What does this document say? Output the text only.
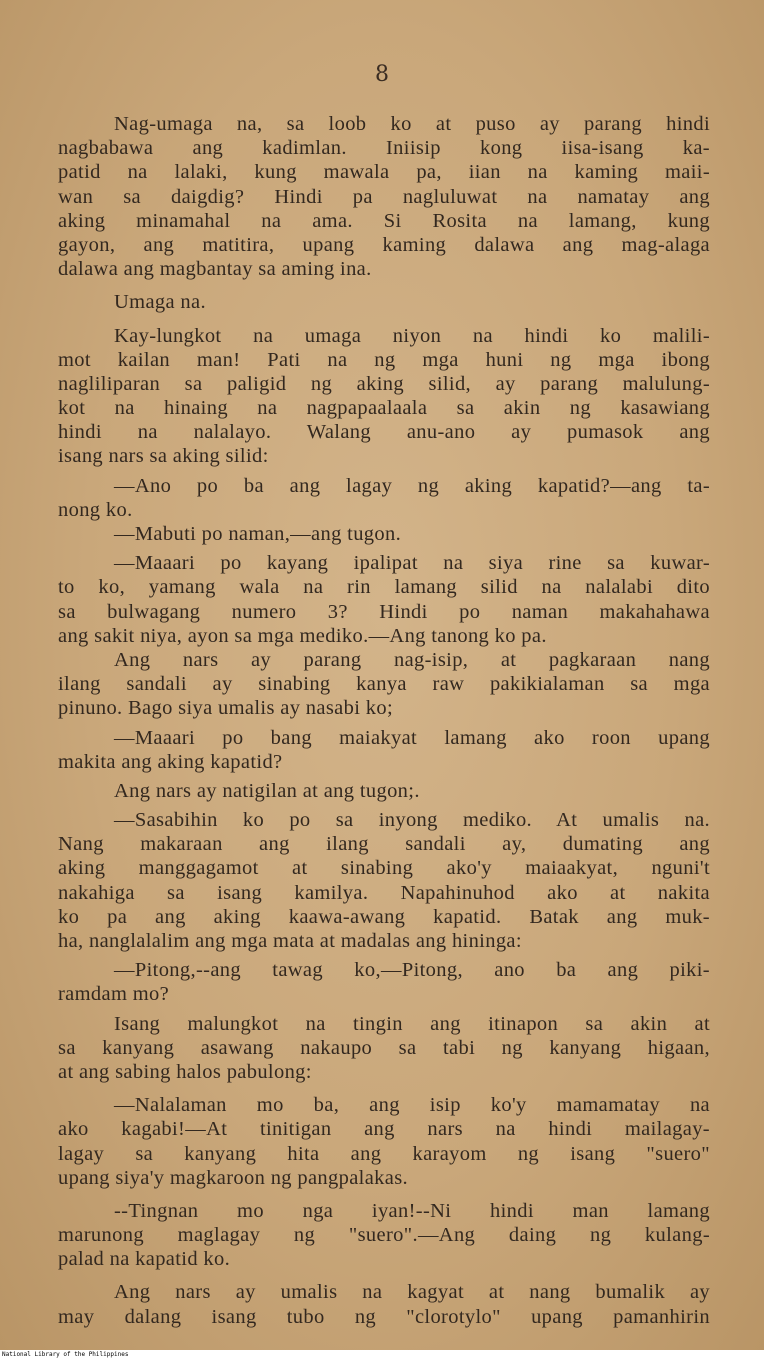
8
Nag-umaga na, sa loob ko at puso ay parang hindi
nagbabawa ang kadimlan. Iniisip kong iisa-isang ka-
patid na lalaki, kung mawala pa, iian na kaming maii-
wan sa daigdig? Hindi pa nagluluwat na namatay ang
aking minamahal na ama. Si Rosita na lamang, kung
gayon, ang matitira, upang kaming dalawa ang mag-alaga
dalawa ang magbantay sa aming ina.
Umaga na.
Kay-lungkot na umaga niyon na hindi ko malili-
mot kailan man! Pati na ng mga huni ng mga ibong
nagliliparan sa paligid ng aking silid, ay parang malulung-
kot na hinaing na nagpapaalaala sa akin ng kasawiang
hindi na nalalayo. Walang anu-ano ay pumasok ang
isang nars sa aking silid:
—Ano po ba ang lagay ng aking kapatid?—ang ta-
nong ko.
—Mabuti po naman,—ang tugon.
—Maaari po kayang ipalipat na siya rine sa kuwar-
to ko, yamang wala na rin lamang silid na nalalabi dito
sa bulwagang numero 3? Hindi po naman makahahawa
ang sakit niya, ayon sa mga mediko.—Ang tanong ko pa.
Ang nars ay parang nag-isip, at pagkaraan nang
ilang sandali ay sinabing kanya raw pakikialaman sa mga
pinuno. Bago siya umalis ay nasabi ko;
—Maaari po bang maiakyat lamang ako roon upang
makita ang aking kapatid?
Ang nars ay natigilan at ang tugon;.
—Sasabihin ko po sa inyong mediko. At umalis na.
Nang makaraan ang ilang sandali ay, dumating ang
aking manggagamot at sinabing ako'y maiaakyat, nguni't
nakahiga sa isang kamilya. Napahinuhod ako at nakita
ko pa ang aking kaawa-awang kapatid. Batak ang muk-
ha, nanglalalim ang mga mata at madalas ang hininga:
—Pitong,--ang tawag ko,—Pitong, ano ba ang piki-
ramdam mo?
Isang malungkot na tingin ang itinapon sa akin at
sa kanyang asawang nakaupo sa tabi ng kanyang higaan,
at ang sabing halos pabulong:
—Nalalaman mo ba, ang isip ko'y mamamatay na
ako kagabi!—At tinitigan ang nars na hindi mailagay-
lagay sa kanyang hita ang karayom ng isang "suero"
upang siya'y magkaroon ng pangpalakas.
--Tingnan mo nga iyan!--Ni hindi man lamang
marunong maglagay ng "suero".—Ang daing ng kulang-
palad na kapatid ko.
Ang nars ay umalis na kagyat at nang bumalik ay
may dalang isang tubo ng "clorotylo" upang pamanhirin
National Library of the Philippines
